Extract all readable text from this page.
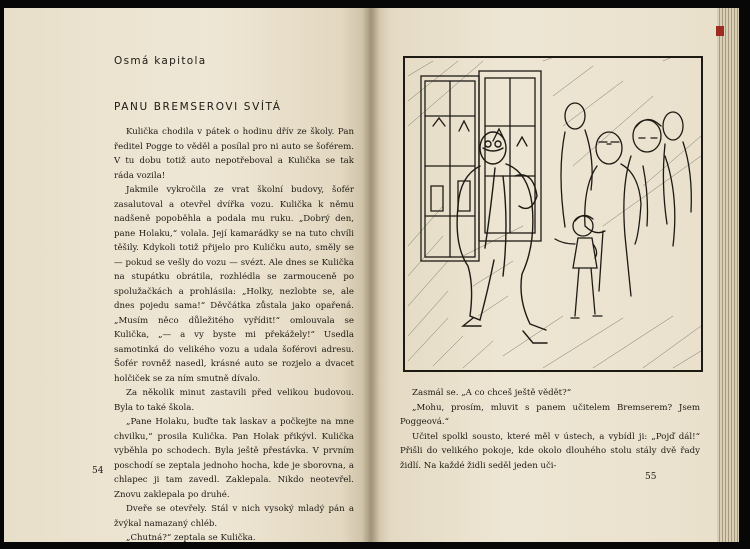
Osmá kapitola
PANU BREMSEROVI SVÍTÁ

Kulička chodila v pátek o hodinu dřív ze školy. Pan ředitel Pogge to věděl a posílal pro ni auto se šoférem. V tu dobu totiž auto nepotřeboval a Kulička se tak ráda vozila!

Jakmile vykročila ze vrat školní budovy, šofér zasalutoval a otevřel dvířka vozu. Kulička k němu nadšeně popoběhla a podala mu ruku. „Dobrý den, pane Holaku,“ volala. Její kamarádky se na tuto chvíli těšily. Kdykoli totiž přijelo pro Kuličku auto, směly se — pokud se vešly do vozu — svézt. Ale dnes se Kulička na stupátku obrátila, rozhlédla se zarmouceně po spolužačkách a prohlásila: „Holky, nezlobte se, ale dnes pojedu sama!“ Děvčátka zůstala jako opařená. „Musím něco důležitého vyřídit!“ omlouvala se Kulička, „— a vy byste mi překážely!“ Usedla samotinká do velikého vozu a udala šoférovi adresu. Šofér rovněž nasedl, krásné auto se rozjelo a dvacet holčiček se za ním smutně dívalo.

Za několik minut zastavili před velikou budovou. Byla to také škola.

„Pane Holaku, buďte tak laskav a počkejte na mne chvilku,“ prosila Kulička. Pan Holak přikývl. Kulička vyběhla po schodech. Byla ještě přestávka. V prvním poschodí se zeptala jednoho hocha, kde je sborovna, a chlapec ji tam zavedl. Zaklepala. Nikdo neotevřel. Znovu zaklepala po druhé.

Dveře se otevřely. Stál v nich vysoký mladý pán a žvýkal namazaný chléb.

„Chutná?“ zeptala se Kulička.

54

Zasmál se. „A co chceš ještě vědět?“

„Mohu, prosím, mluvit s panem učitelem Bremserem? Jsem Poggeová.“

Učitel spolkl sousto, které měl v ústech, a vybídl ji: „Pojď dál!“ Přišli do velikého pokoje, kde okolo dlouhého stolu stály dvě řady židlí. Na každé židli seděl jeden uči-

55
